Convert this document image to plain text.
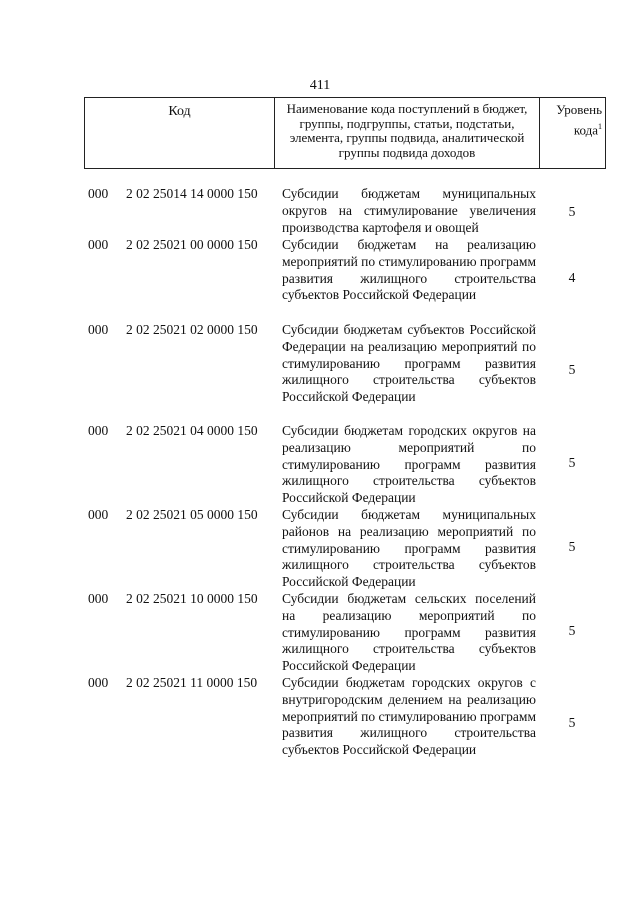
411
Код	Наименование кода поступлений в бюджет, группы, подгруппы, статьи, подстатьи, элемента, группы подвида, аналитической группы подвида доходов
Уровень
кода$^1$
000 2 02 25014 14 0000 150 Субсидии бюджетам муниципальных округов на стимулирование увеличения производства картофеля и овощей
5
000 2 02 25021 00 0000 150 Субсидии бюджетам на реализацию мероприятий по стимулированию программ развития жилищного строительства субъектов Российской Федерации
4
000 2 02 25021 02 0000 150 Субсидии бюджетам субъектов Российской Федерации на реализацию мероприятий по стимулированию программ развития жилищного строительства субъектов Российской Федерации
5
000 2 02 25021 04 0000 150 Субсидии бюджетам городских округов на реализацию мероприятий по стимулированию программ развития жилищного строительства субъектов Российской Федерации
5
000 2 02 25021 05 0000 150 Субсидии бюджетам муниципальных районов на реализацию мероприятий по стимулированию программ развития жилищного строительства субъектов Российской Федерации
5
000 2 02 25021 10 0000 150 Субсидии бюджетам сельских поселений на реализацию мероприятий по стимулированию программ развития жилищного строительства субъектов Российской Федерации
5
000 2 02 25021 11 0000 150 Субсидии бюджетам городских округов с внутригородским делением на реализацию мероприятий по стимулированию программ развития жилищного строительства субъектов Российской Федерации
5
